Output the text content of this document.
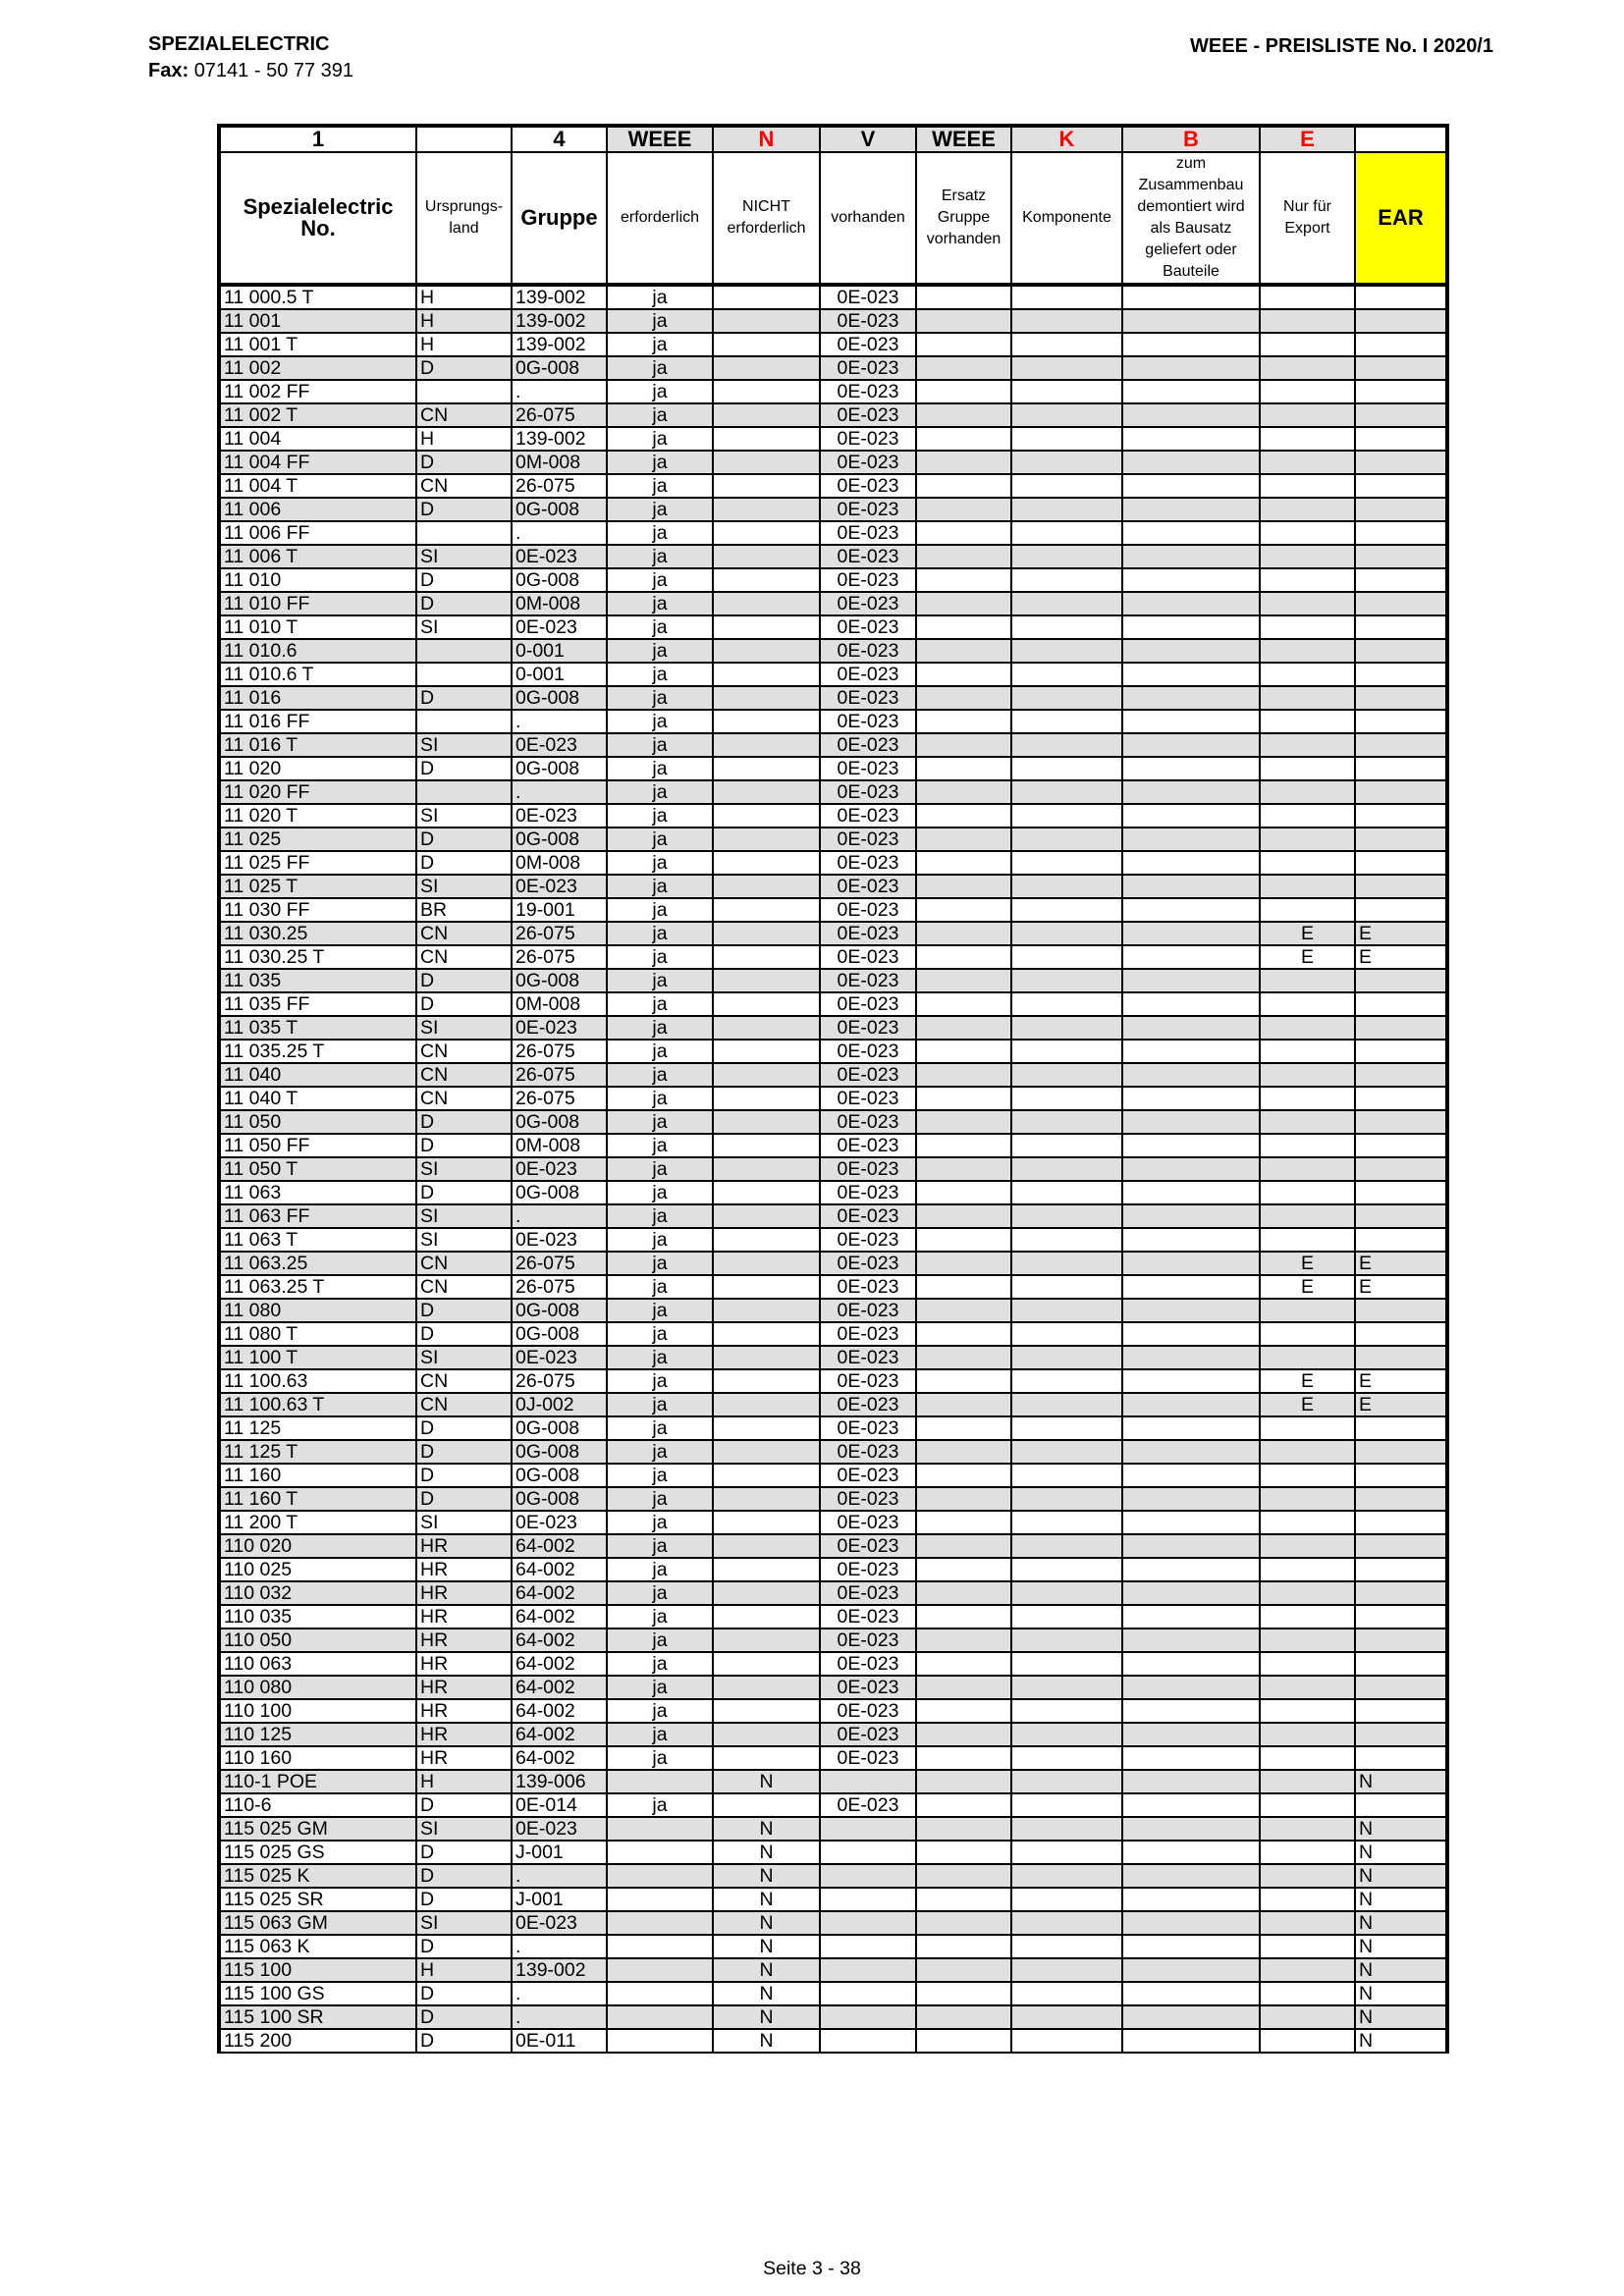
SPEZIALELECTRIC
Fax: 07141 - 50 77 391
WEEE - PREISLISTE No. I 2020/1
1		4	WEEE	N	V	WEEE	K	B	E	
Spezialelectric No.	Ursprungs-land	Gruppe	erforderlich	NICHT erforderlich	vorhanden	Ersatz Gruppe vorhanden	Komponente	zum Zusammenbau demontiert wird als Bausatz geliefert oder Bauteile	Nur für Export	EAR
11 000.5 T	H	139-002	ja		0E-023					
11 001	H	139-002	ja		0E-023					
11 001 T	H	139-002	ja		0E-023					
11 002	D	0G-008	ja		0E-023					
11 002 FF		.	ja		0E-023					
11 002 T	CN	26-075	ja		0E-023					
11 004	H	139-002	ja		0E-023					
11 004 FF	D	0M-008	ja		0E-023					
11 004 T	CN	26-075	ja		0E-023					
11 006	D	0G-008	ja		0E-023					
11 006 FF		.	ja		0E-023					
11 006 T	SI	0E-023	ja		0E-023					
11 010	D	0G-008	ja		0E-023					
11 010 FF	D	0M-008	ja		0E-023					
11 010 T	SI	0E-023	ja		0E-023					
11 010.6		0-001	ja		0E-023					
11 010.6 T		0-001	ja		0E-023					
11 016	D	0G-008	ja		0E-023					
11 016 FF		.	ja		0E-023					
11 016 T	SI	0E-023	ja		0E-023					
11 020	D	0G-008	ja		0E-023					
11 020 FF		.	ja		0E-023					
11 020 T	SI	0E-023	ja		0E-023					
11 025	D	0G-008	ja		0E-023					
11 025 FF	D	0M-008	ja		0E-023					
11 025 T	SI	0E-023	ja		0E-023					
11 030 FF	BR	19-001	ja		0E-023					
11 030.25	CN	26-075	ja		0E-023				E	E
11 030.25 T	CN	26-075	ja		0E-023				E	E
11 035	D	0G-008	ja		0E-023					
11 035 FF	D	0M-008	ja		0E-023					
11 035 T	SI	0E-023	ja		0E-023					
11 035.25 T	CN	26-075	ja		0E-023					
11 040	CN	26-075	ja		0E-023					
11 040 T	CN	26-075	ja		0E-023					
11 050	D	0G-008	ja		0E-023					
11 050 FF	D	0M-008	ja		0E-023					
11 050 T	SI	0E-023	ja		0E-023					
11 063	D	0G-008	ja		0E-023					
11 063 FF	SI	.	ja		0E-023					
11 063 T	SI	0E-023	ja		0E-023					
11 063.25	CN	26-075	ja		0E-023				E	E
11 063.25 T	CN	26-075	ja		0E-023				E	E
11 080	D	0G-008	ja		0E-023					
11 080 T	D	0G-008	ja		0E-023					
11 100 T	SI	0E-023	ja		0E-023					
11 100.63	CN	26-075	ja		0E-023				E	E
11 100.63 T	CN	0J-002	ja		0E-023				E	E
11 125	D	0G-008	ja		0E-023					
11 125 T	D	0G-008	ja		0E-023					
11 160	D	0G-008	ja		0E-023					
11 160 T	D	0G-008	ja		0E-023					
11 200 T	SI	0E-023	ja		0E-023					
110 020	HR	64-002	ja		0E-023					
110 025	HR	64-002	ja		0E-023					
110 032	HR	64-002	ja		0E-023					
110 035	HR	64-002	ja		0E-023					
110 050	HR	64-002	ja		0E-023					
110 063	HR	64-002	ja		0E-023					
110 080	HR	64-002	ja		0E-023					
110 100	HR	64-002	ja		0E-023					
110 125	HR	64-002	ja		0E-023					
110 160	HR	64-002	ja		0E-023					
110-1 POE	H	139-006		N						N
110-6	D	0E-014	ja		0E-023					
115 025 GM	SI	0E-023		N						N
115 025 GS	D	J-001		N						N
115 025 K	D	.		N						N
115 025 SR	D	J-001		N						N
115 063 GM	SI	0E-023		N						N
115 063 K	D	.		N						N
115 100	H	139-002		N						N
115 100 GS	D	.		N						N
115 100 SR	D	.		N						N
115 200	D	0E-011		N						N
Seite 3 - 38
